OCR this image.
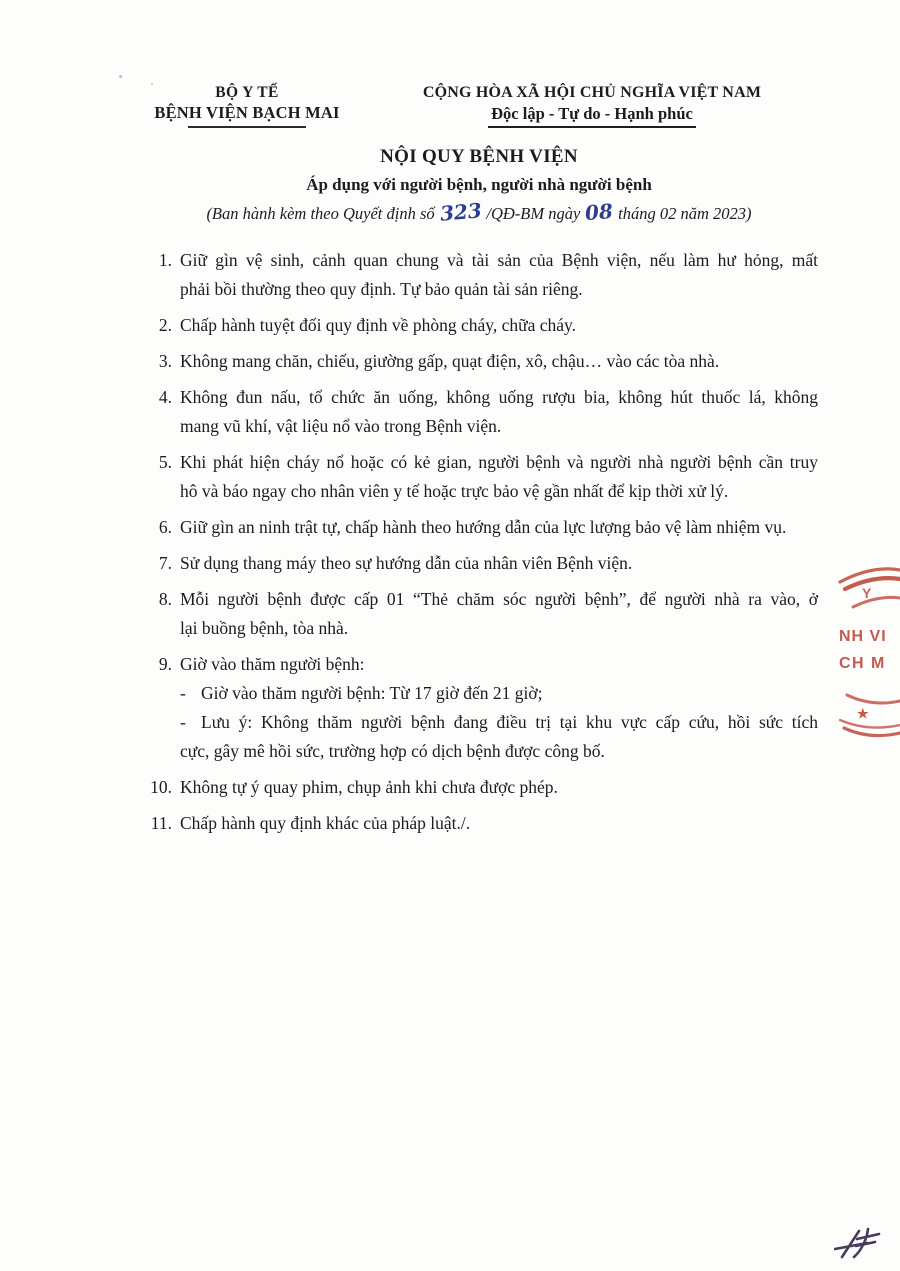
BỘ Y TẾ
BỆNH VIỆN BẠCH MAI
CỘNG HÒA XÃ HỘI CHỦ NGHĨA VIỆT NAM
Độc lập - Tự do - Hạnh phúc
NỘI QUY BỆNH VIỆN
Áp dụng với người bệnh, người nhà người bệnh
(Ban hành kèm theo Quyết định số 323 /QĐ-BM ngày 08 tháng 02 năm 2023)
1. Giữ gìn vệ sinh, cảnh quan chung và tài sản của Bệnh viện, nếu làm hư hỏng, mất
phải bồi thường theo quy định. Tự bảo quản tài sản riêng.
2. Chấp hành tuyệt đối quy định về phòng cháy, chữa cháy.
3. Không mang chăn, chiếu, giường gấp, quạt điện, xô, chậu… vào các tòa nhà.
4. Không đun nấu, tổ chức ăn uống, không uống rượu bia, không hút thuốc lá, không
mang vũ khí, vật liệu nổ vào trong Bệnh viện.
5. Khi phát hiện cháy nổ hoặc có kẻ gian, người bệnh và người nhà người bệnh cần truy
hô và báo ngay cho nhân viên y tế hoặc trực bảo vệ gần nhất để kịp thời xử lý.
6. Giữ gìn an ninh trật tự, chấp hành theo hướng dẫn của lực lượng bảo vệ làm nhiệm vụ.
7. Sử dụng thang máy theo sự hướng dẫn của nhân viên Bệnh viện.
8. Mỗi người bệnh được cấp 01 “Thẻ chăm sóc người bệnh”, để người nhà ra vào, ở
lại buồng bệnh, tòa nhà.
9. Giờ vào thăm người bệnh:
- Giờ vào thăm người bệnh: Từ 17 giờ đến 21 giờ;
- Lưu ý: Không thăm người bệnh đang điều trị tại khu vực cấp cứu, hồi sức tích
cực, gây mê hồi sức, trường hợp có dịch bệnh được công bố.
10. Không tự ý quay phim, chụp ảnh khi chưa được phép.
11. Chấp hành quy định khác của pháp luật./.
Y
NH VI
CH M
★
